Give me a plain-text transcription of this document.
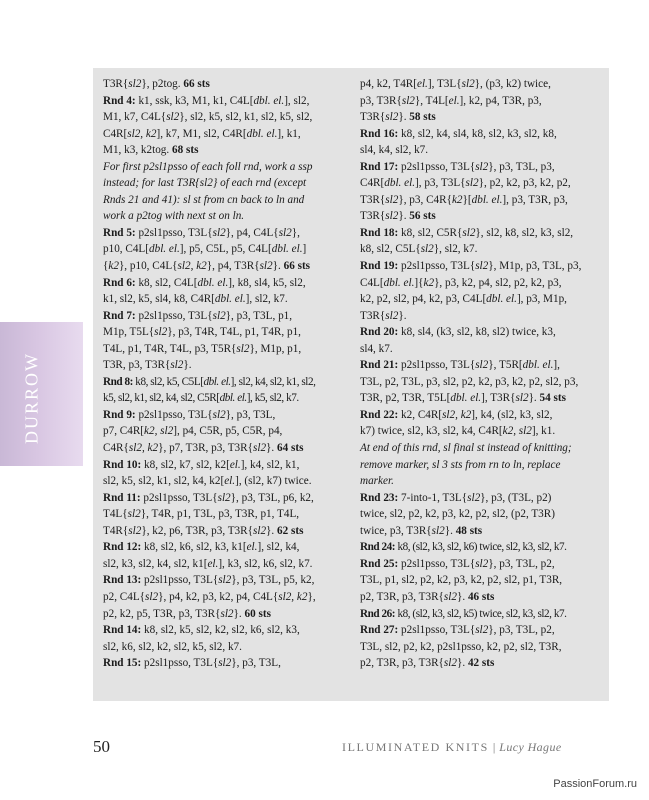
T3R{sl2}, p2tog. 66 sts
Rnd 4: k1, ssk, k3, M1, k1, C4L[dbl. el.], sl2,
M1, k7, C4L{sl2}, sl2, k5, sl2, k1, sl2, k5, sl2,
C4R[sl2, k2], k7, M1, sl2, C4R[dbl. el.], k1,
M1, k3, k2tog. 68 sts
For first p2sl1psso of each foll rnd, work a ssp
instead; for last T3R{sl2} of each rnd (except
Rnds 21 and 41): sl st from cn back to ln and
work a p2tog with next st on ln.
Rnd 5: p2sl1psso, T3L{sl2}, p4, C4L{sl2},
p10, C4L[dbl. el.], p5, C5L, p5, C4L[dbl. el.]
{k2}, p10, C4L{sl2, k2}, p4, T3R{sl2}. 66 sts
Rnd 6: k8, sl2, C4L[dbl. el.], k8, sl4, k5, sl2,
k1, sl2, k5, sl4, k8, C4R[dbl. el.], sl2, k7.
Rnd 7: p2sl1psso, T3L{sl2}, p3, T3L, p1,
M1p, T5L{sl2}, p3, T4R, T4L, p1, T4R, p1,
T4L, p1, T4R, T4L, p3, T5R{sl2}, M1p, p1,
T3R, p3, T3R{sl2}.
Rnd 8: k8, sl2, k5, C5L[dbl. el.], sl2, k4, sl2, k1, sl2,
k5, sl2, k1, sl2, k4, sl2, C5R[dbl. el.], k5, sl2, k7.
Rnd 9: p2sl1psso, T3L{sl2}, p3, T3L,
p7, C4R[k2, sl2], p4, C5R, p5, C5R, p4,
C4R{sl2, k2}, p7, T3R, p3, T3R{sl2}. 64 sts
Rnd 10: k8, sl2, k7, sl2, k2[el.], k4, sl2, k1,
sl2, k5, sl2, k1, sl2, k4, k2[el.], (sl2, k7) twice.
Rnd 11: p2sl1psso, T3L{sl2}, p3, T3L, p6, k2,
T4L{sl2}, T4R, p1, T3L, p3, T3R, p1, T4L,
T4R{sl2}, k2, p6, T3R, p3, T3R{sl2}. 62 sts
Rnd 12: k8, sl2, k6, sl2, k3, k1[el.], sl2, k4,
sl2, k3, sl2, k4, sl2, k1[el.], k3, sl2, k6, sl2, k7.
Rnd 13: p2sl1psso, T3L{sl2}, p3, T3L, p5, k2,
p2, C4L{sl2}, p4, k2, p3, k2, p4, C4L{sl2, k2},
p2, k2, p5, T3R, p3, T3R{sl2}. 60 sts
Rnd 14: k8, sl2, k5, sl2, k2, sl2, k6, sl2, k3,
sl2, k6, sl2, k2, sl2, k5, sl2, k7.
Rnd 15: p2sl1psso, T3L{sl2}, p3, T3L,
p4, k2, T4R[el.], T3L{sl2}, (p3, k2) twice,
p3, T3R{sl2}, T4L[el.], k2, p4, T3R, p3,
T3R{sl2}. 58 sts
Rnd 16: k8, sl2, k4, sl4, k8, sl2, k3, sl2, k8,
sl4, k4, sl2, k7.
Rnd 17: p2sl1psso, T3L{sl2}, p3, T3L, p3,
C4R[dbl. el.], p3, T3L{sl2}, p2, k2, p3, k2, p2,
T3R{sl2}, p3, C4R{k2}[dbl. el.], p3, T3R, p3,
T3R{sl2}. 56 sts
Rnd 18: k8, sl2, C5R{sl2}, sl2, k8, sl2, k3, sl2,
k8, sl2, C5L{sl2}, sl2, k7.
Rnd 19: p2sl1psso, T3L{sl2}, M1p, p3, T3L, p3,
C4L[dbl. el.]{k2}, p3, k2, p4, sl2, p2, k2, p3,
k2, p2, sl2, p4, k2, p3, C4L[dbl. el.], p3, M1p,
T3R{sl2}.
Rnd 20: k8, sl4, (k3, sl2, k8, sl2) twice, k3,
sl4, k7.
Rnd 21: p2sl1psso, T3L{sl2}, T5R[dbl. el.],
T3L, p2, T3L, p3, sl2, p2, k2, p3, k2, p2, sl2, p3,
T3R, p2, T3R, T5L[dbl. el.], T3R{sl2}. 54 sts
Rnd 22: k2, C4R[sl2, k2], k4, (sl2, k3, sl2,
k7) twice, sl2, k3, sl2, k4, C4R[k2, sl2], k1.
At end of this rnd, sl final st instead of knitting;
remove marker, sl 3 sts from rn to ln, replace
marker.
Rnd 23: 7-into-1, T3L{sl2}, p3, (T3L, p2)
twice, sl2, p2, k2, p3, k2, p2, sl2, (p2, T3R)
twice, p3, T3R{sl2}. 48 sts
Rnd 24: k8, (sl2, k3, sl2, k6) twice, sl2, k3, sl2, k7.
Rnd 25: p2sl1psso, T3L{sl2}, p3, T3L, p2,
T3L, p1, sl2, p2, k2, p3, k2, p2, sl2, p1, T3R,
p2, T3R, p3, T3R{sl2}. 46 sts
Rnd 26: k8, (sl2, k3, sl2, k5) twice, sl2, k3, sl2, k7.
Rnd 27: p2sl1psso, T3L{sl2}, p3, T3L, p2,
T3L, sl2, p2, k2, p2sl1psso, k2, p2, sl2, T3R,
p2, T3R, p3, T3R{sl2}. 42 sts
DURROW
50	ILLUMINATED KNITS | Lucy Hague
PassionForum.ru
